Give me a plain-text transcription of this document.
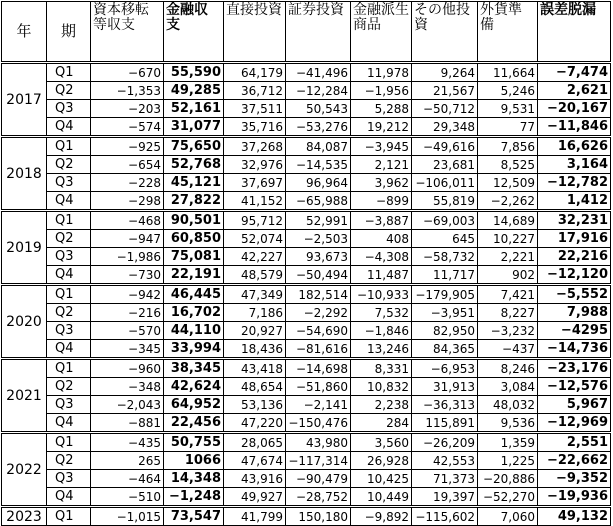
年	期	資本移転等収支	金融収支	直接投資	証券投資	金融派生商品	その他投資	外貨準備	誤差脱漏
2017	Q1	−670	55,590	64,179	−41,496	11,978	9,264	11,664	−7,474
	Q2	−1,353	49,285	36,712	−12,284	−1,956	21,567	5,246	2,621
	Q3	−203	52,161	37,511	50,543	5,288	−50,712	9,531	−20,167
	Q4	−574	31,077	35,716	−53,276	19,212	29,348	77	−11,846
2018	Q1	−925	75,650	37,268	84,087	−3,945	−49,616	7,856	16,626
	Q2	−654	52,768	32,976	−14,535	2,121	23,681	8,525	3,164
	Q3	−228	45,121	37,697	96,964	3,962	−106,011	12,509	−12,782
	Q4	−298	27,822	41,152	−65,988	−899	55,819	−2,262	1,412
2019	Q1	−468	90,501	95,712	52,991	−3,887	−69,003	14,689	32,231
	Q2	−947	60,850	52,074	−2,503	408	645	10,227	17,916
	Q3	−1,986	75,081	42,227	93,673	−4,308	−58,732	2,221	22,216
	Q4	−730	22,191	48,579	−50,494	11,487	11,717	902	−12,120
2020	Q1	−942	46,445	47,349	182,514	−10,933	−179,905	7,421	−5,552
	Q2	−216	16,702	7,186	−2,292	7,532	−3,951	8,227	7,988
	Q3	−570	44,110	20,927	−54,690	−1,846	82,950	−3,232	−4295
	Q4	−345	33,994	18,436	−81,616	13,246	84,365	−437	−14,736
2021	Q1	−960	38,345	43,418	−14,698	8,331	−6,953	8,246	−23,176
	Q2	−348	42,624	48,654	−51,860	10,832	31,913	3,084	−12,576
	Q3	−2,043	64,952	53,136	−2,141	2,238	−36,313	48,032	5,967
	Q4	−881	22,456	47,220	−150,476	284	115,891	9,536	−12,969
2022	Q1	−435	50,755	28,065	43,980	3,560	−26,209	1,359	2,551
	Q2	265	1066	47,674	−117,314	26,928	42,553	1,225	−22,662
	Q3	−464	14,348	43,916	−90,479	10,425	71,373	−20,886	−9,352
	Q4	−510	−1,248	49,927	−28,752	10,449	19,397	−52,270	−19,936
2023	Q1	−1,015	73,547	41,799	150,180	−9,892	−115,602	7,060	49,132
